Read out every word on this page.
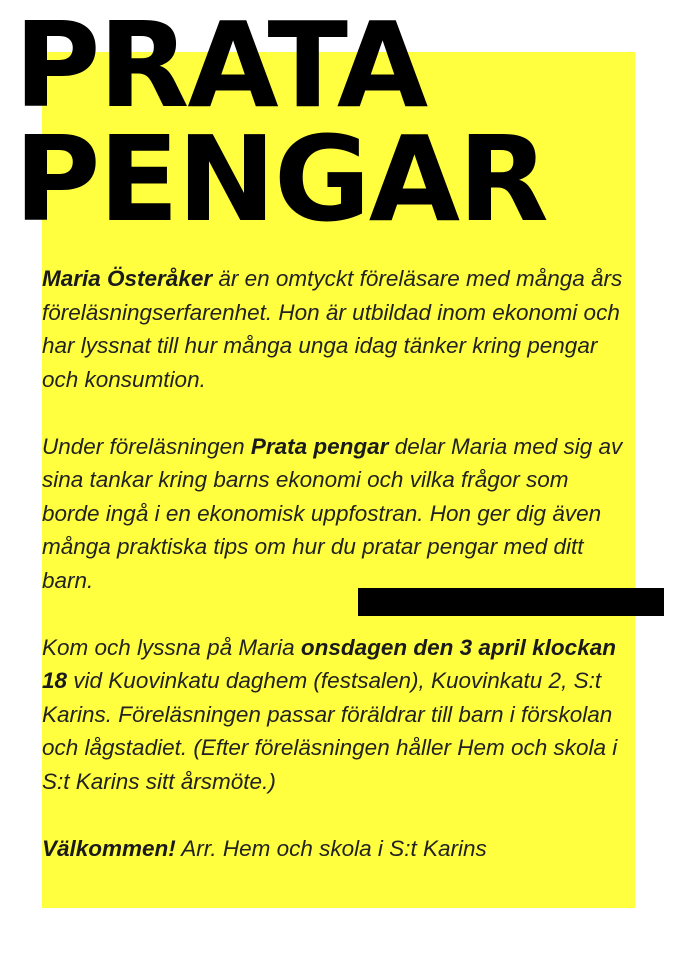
PRATA
PENGAR

Maria Österåker är en omtyckt föreläsare med många års föreläsningserfarenhet. Hon är utbildad inom ekonomi och har lyssnat till hur många unga idag tänker kring pengar och konsumtion.

Under föreläsningen Prata pengar delar Maria med sig av sina tankar kring barns ekonomi och vilka frågor som borde ingå i en ekonomisk uppfostran. Hon ger dig även många praktiska tips om hur du pratar pengar med ditt barn.

Kom och lyssna på Maria onsdagen den 3 april klockan 18 vid Kuovinkatu daghem (festsalen), Kuovinkatu 2, S:t Karins. Föreläsningen passar föräldrar till barn i förskolan och lågstadiet. (Efter föreläsningen håller Hem och skola i S:t Karins sitt årsmöte.)

Välkommen! Arr. Hem och skola i S:t Karins
